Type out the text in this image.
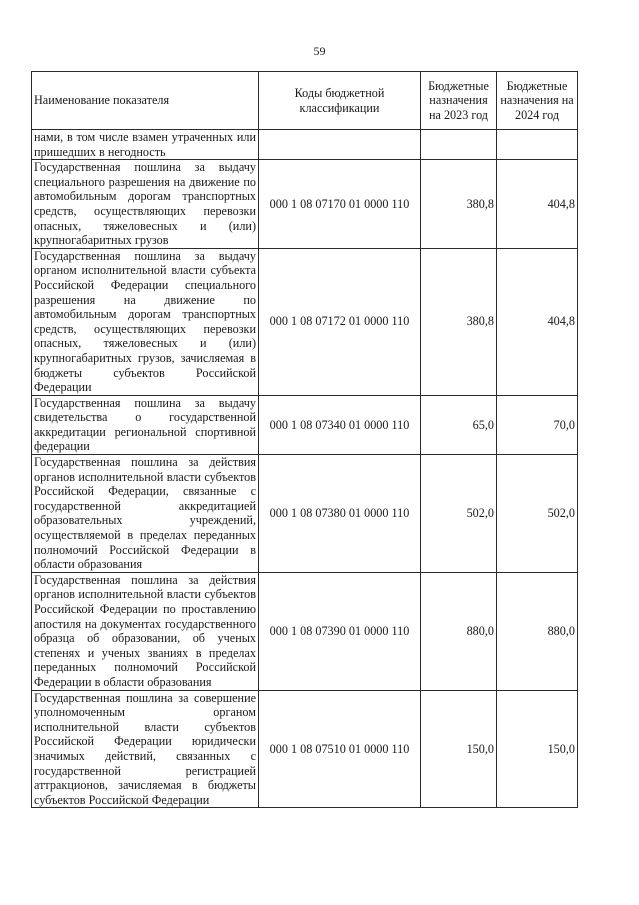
59
Наименование показателя	Коды бюджетной классификации	Бюджетные назначения на 2023 год	Бюджетные назначения на 2024 год
нами, в том числе взамен утраченных или пришедших в негодность			
Государственная пошлина за выдачу специального разрешения на движение по автомобильным дорогам транспортных средств, осуществляющих перевозки опасных, тяжеловесных и (или) крупногабаритных грузов	000 1 08 07170 01 0000 110	380,8	404,8
Государственная пошлина за выдачу органом исполнительной власти субъекта Российской Федерации специального разрешения на движение по автомобильным дорогам транспортных средств, осуществляющих перевозки опасных, тяжеловесных и (или) крупногабаритных грузов, зачисляемая в бюджеты субъектов Российской Федерации	000 1 08 07172 01 0000 110	380,8	404,8
Государственная пошлина за выдачу свидетельства о государственной аккредитации региональной спортивной федерации	000 1 08 07340 01 0000 110	65,0	70,0
Государственная пошлина за действия органов исполнительной власти субъектов Российской Федерации, связанные с государственной аккредитацией образовательных учреждений, осуществляемой в пределах переданных полномочий Российской Федерации в области образования	000 1 08 07380 01 0000 110	502,0	502,0
Государственная пошлина за действия органов исполнительной власти субъектов Российской Федерации по проставлению апостиля на документах государственного образца об образовании, об ученых степенях и ученых званиях в пределах переданных полномочий Российской Федерации в области образования	000 1 08 07390 01 0000 110	880,0	880,0
Государственная пошлина за совершение уполномоченным органом исполнительной власти субъектов Российской Федерации юридически значимых действий, связанных с государственной регистрацией аттракционов, зачисляемая в бюджеты субъектов Российской Федерации	000 1 08 07510 01 0000 110	150,0	150,0
